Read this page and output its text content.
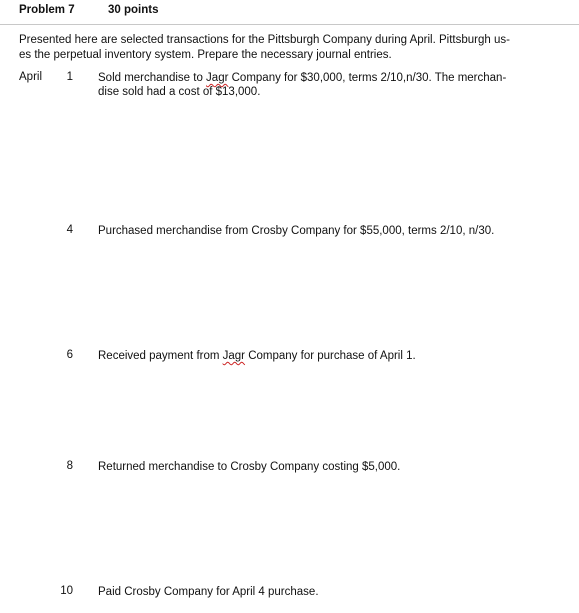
Problem 7	30 points
Presented here are selected transactions for the Pittsburgh Company during April. Pittsburgh us-
es the perpetual inventory system. Prepare the necessary journal entries.
April	1 Sold merchandise to Jagr Company for $30,000, terms 2/10,n/30. The merchan-
dise sold had a cost of $13,000.
4 Purchased merchandise from Crosby Company for $55,000, terms 2/10, n/30.
6 Received payment from Jagr Company for purchase of April 1.
8 Returned merchandise to Crosby Company costing $5,000.
10 Paid Crosby Company for April 4 purchase.
